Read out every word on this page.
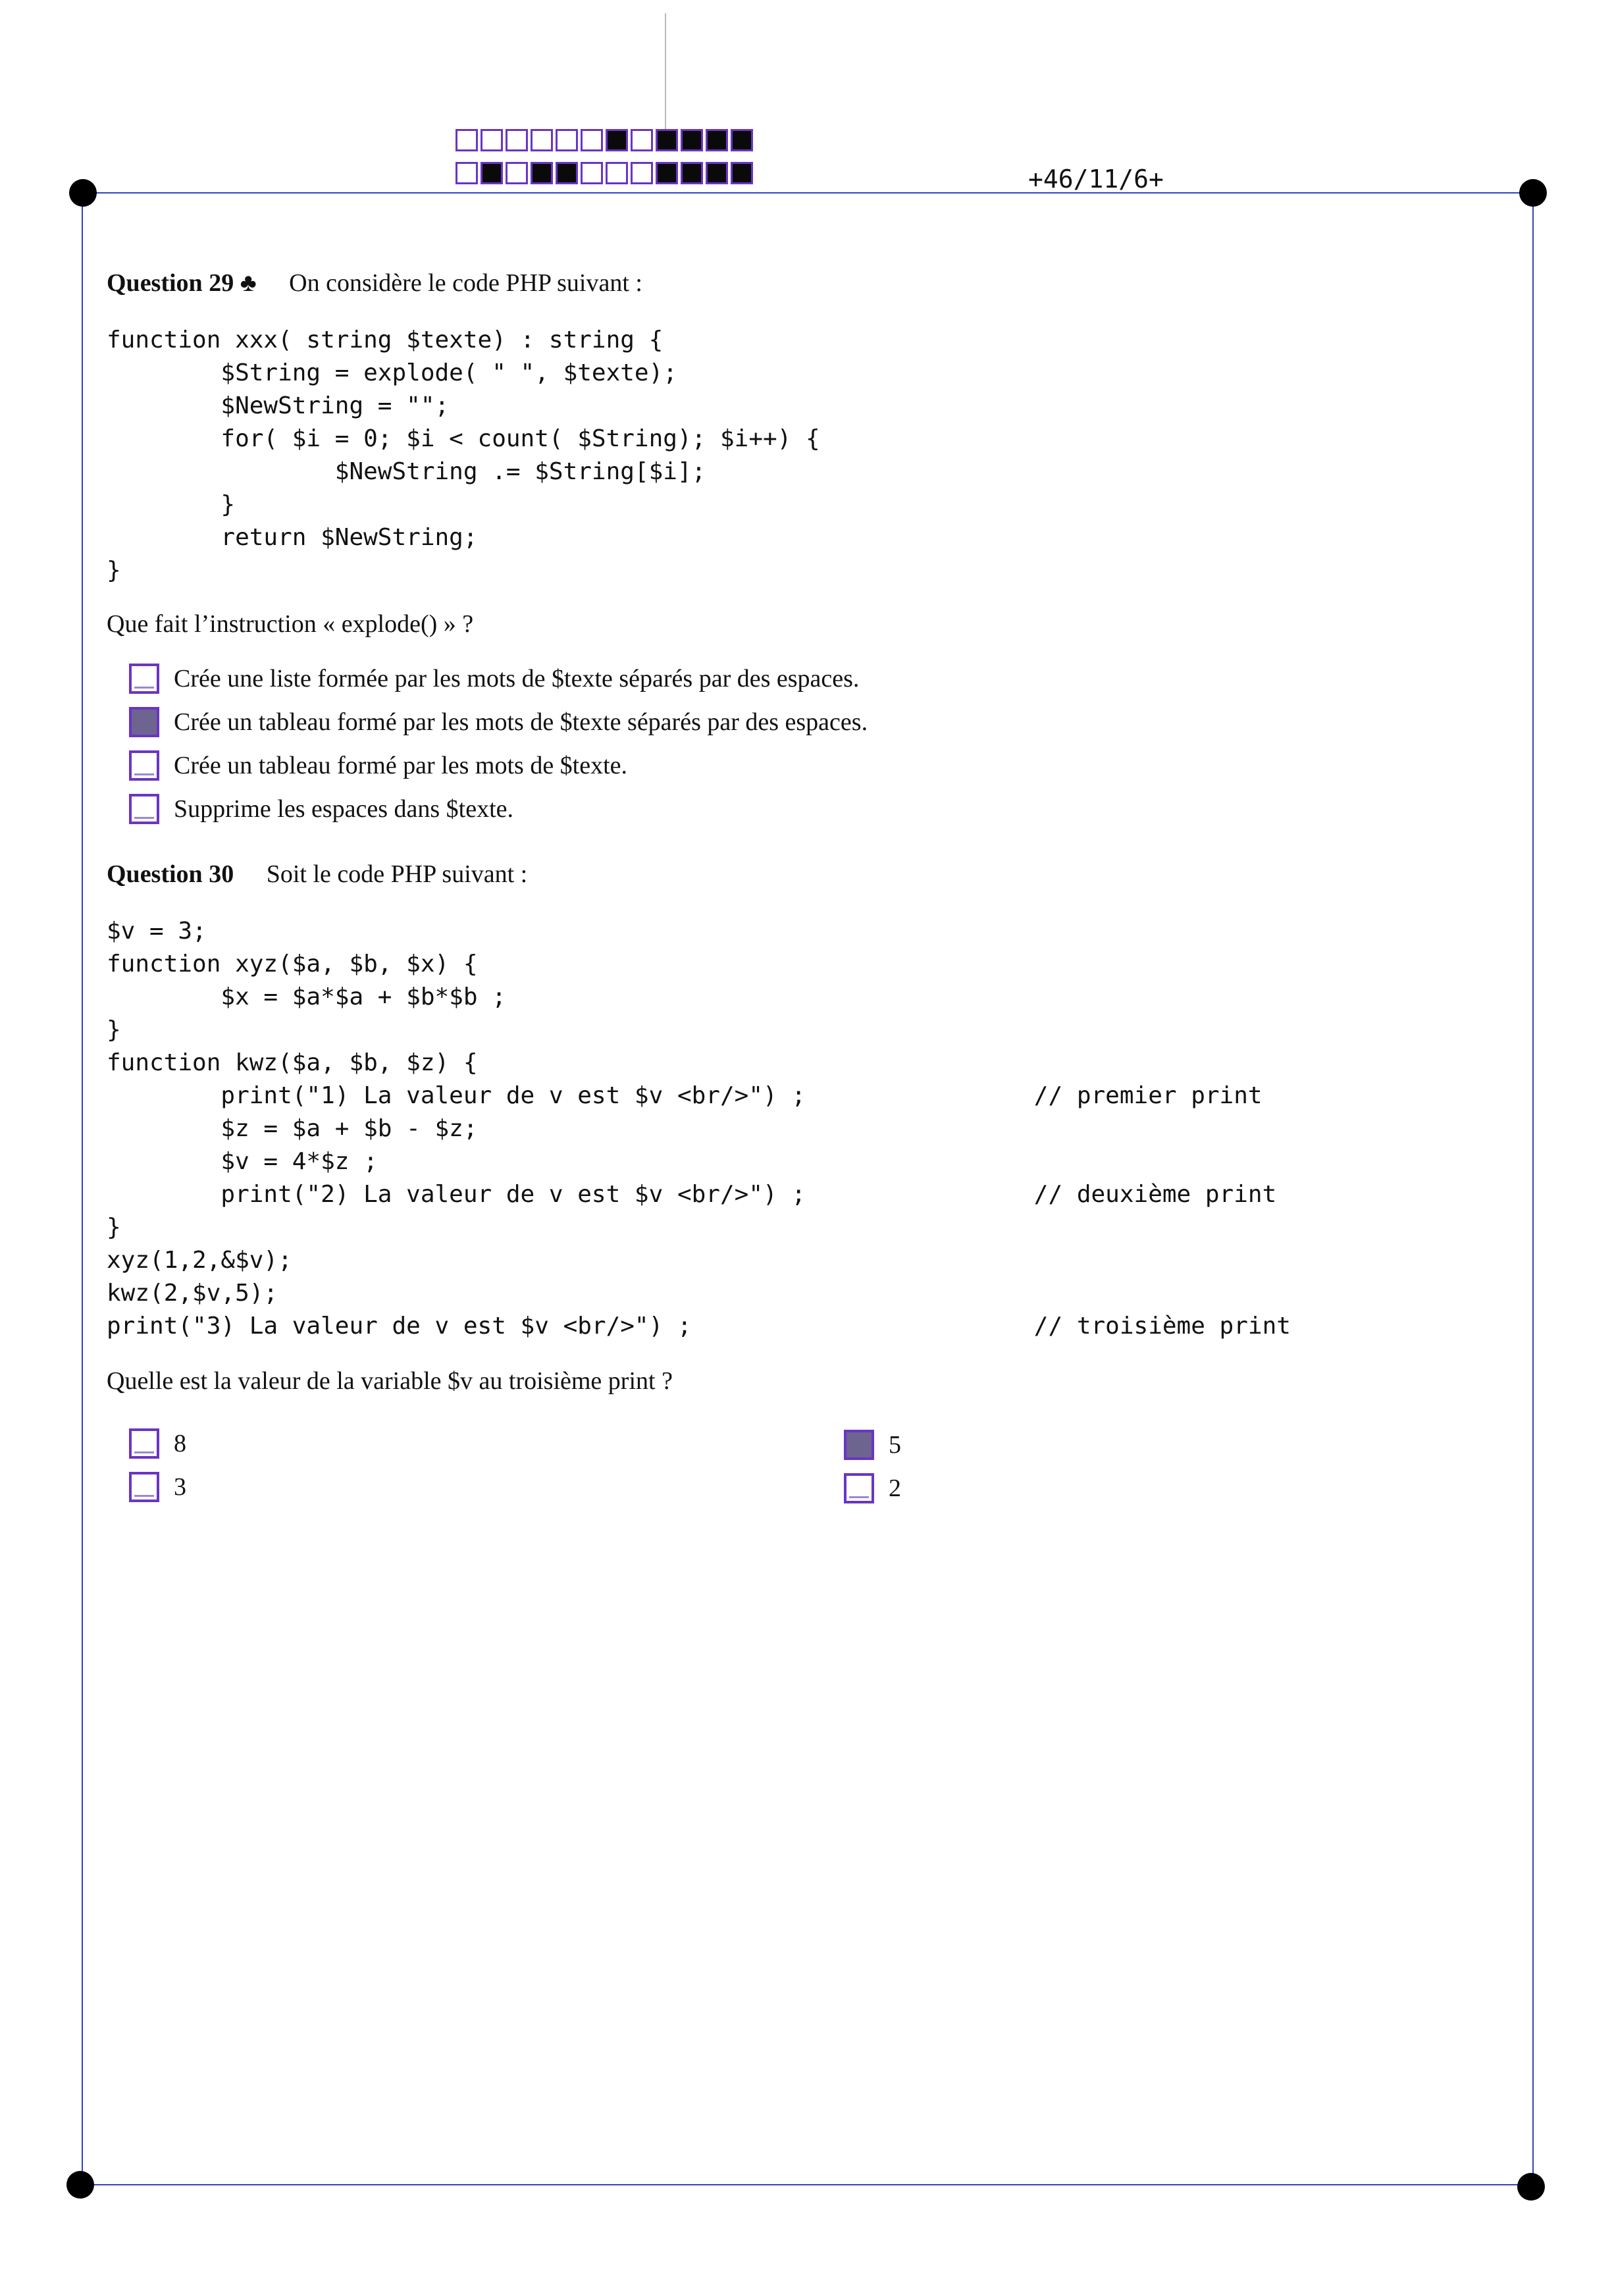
+46/11/6+
Question 29 ♣ On considère le code PHP suivant :
function xxx( string $texte) : string {
$String = explode( " ", $texte);
$NewString = "";
for( $i = 0; $i < count( $String); $i++) {
$NewString .= $String[$i];
}
return $NewString;
}
Que fait l’instruction « explode() » ?
Crée une liste formée par les mots de $texte séparés par des espaces.
Crée un tableau formé par les mots de $texte séparés par des espaces.
Crée un tableau formé par les mots de $texte.
Supprime les espaces dans $texte.
Question 30 Soit le code PHP suivant :
$v = 3;
function xyz($a, $b, $x) {
$x = $a*$a + $b*$b ;
}
function kwz($a, $b, $z) {
print("1) La valeur de v est $v <br/>") ;                // premier print
$z = $a + $b - $z;
$v = 4*$z ;
print("2) La valeur de v est $v <br/>") ;                // deuxième print
}
xyz(1,2,&$v);
kwz(2,$v,5);
print("3) La valeur de v est $v <br/>") ;                        // troisième print
Quelle est la valeur de la variable $v au troisième print ?
8	5
3	2
